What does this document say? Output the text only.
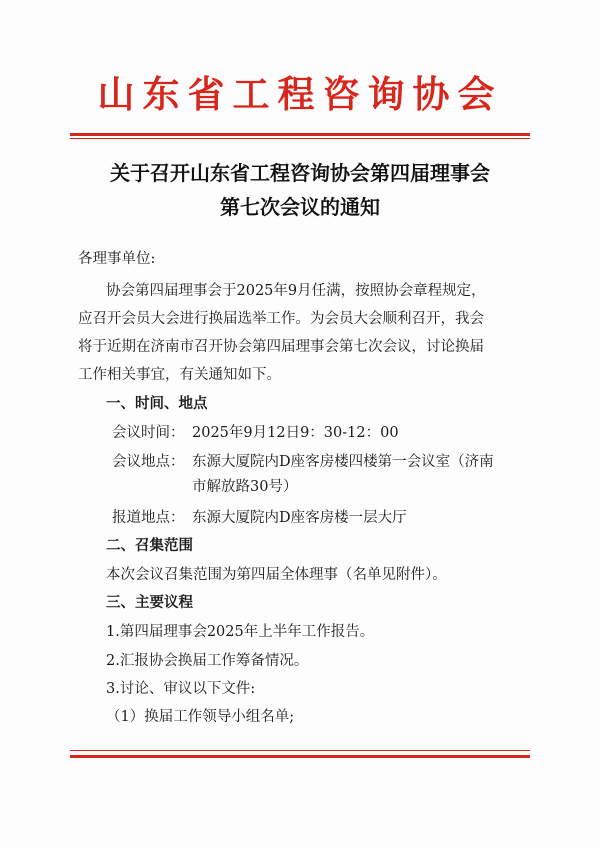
山东省工程咨询协会
关于召开山东省工程咨询协会第四届理事会
第七次会议的通知
各理事单位:
协会第四届理事会于2025年9月任满，按照协会章程规定，
应召开会员大会进行换届选举工作。为会员大会顺利召开，我会
将于近期在济南市召开协会第四届理事会第七次会议，讨论换届
工作相关事宜，有关通知如下。
一、时间、地点
会议时间： 2025年9月12日9：30-12：00
会议地点： 东源大厦院内D座客房楼四楼第一会议室（济南
市解放路30号）
报道地点： 东源大厦院内D座客房楼一层大厅
二、召集范围
本次会议召集范围为第四届全体理事（名单见附件）。
三、主要议程
1.第四届理事会2025年上半年工作报告。
2.汇报协会换届工作筹备情况。
3.讨论、审议以下文件:
（1）换届工作领导小组名单;
